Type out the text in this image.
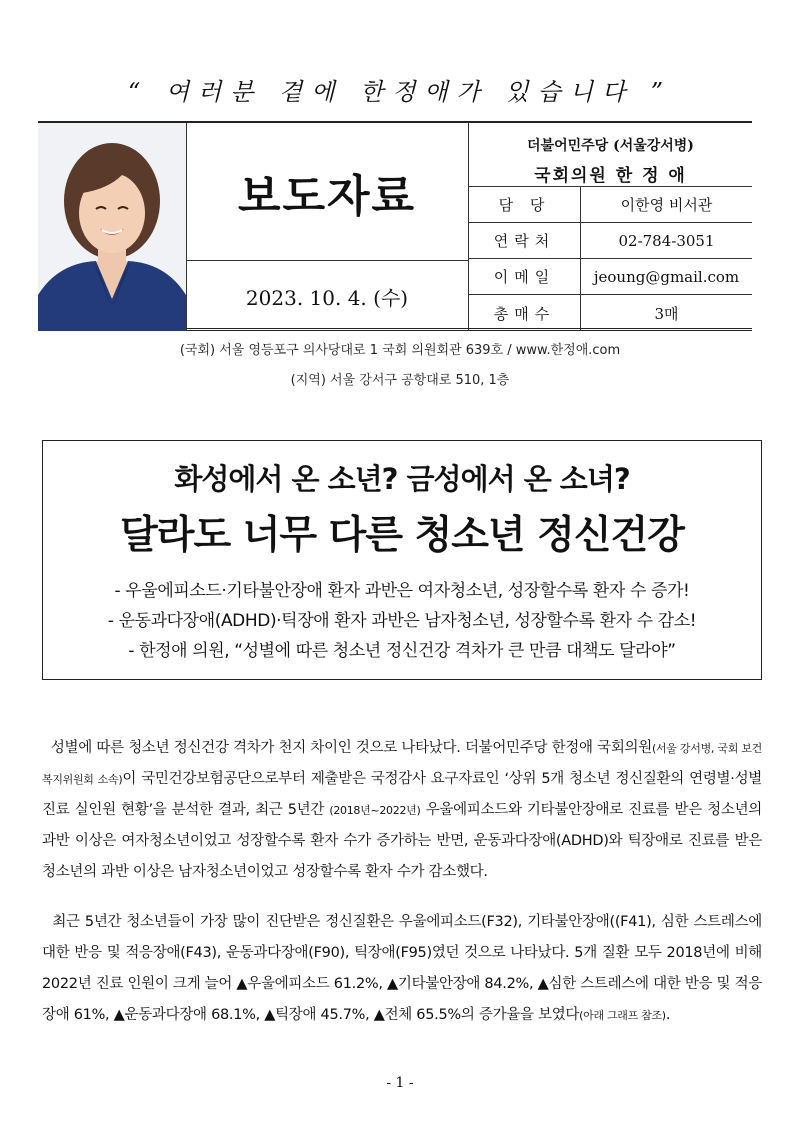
“ 여러분 곁에 한정애가 있습니다 ”
보도자료
2023. 10. 4. (수)
더불어민주당 (서울강서병)
국회의원 한 정 애
담 당	이한영 비서관
연락처	02-784-3051
이메일	jeoung@gmail.com
총매수	3매
(국회) 서울 영등포구 의사당대로 1 국회 의원회관 639호 / www.한정애.com
(지역) 서울 강서구 공항대로 510, 1층
화성에서 온 소년? 금성에서 온 소녀?
달라도 너무 다른 청소년 정신건강
- 우울에피소드·기타불안장애 환자 과반은 여자청소년, 성장할수록 환자 수 증가!
- 운동과다장애(ADHD)·틱장애 환자 과반은 남자청소년, 성장할수록 환자 수 감소!
- 한정애 의원, “성별에 따른 청소년 정신건강 격차가 큰 만큼 대책도 달라야”
성별에 따른 청소년 정신건강 격차가 천지 차이인 것으로 나타났다. 더불어민주당 한정애 국회의원(서울 강서병, 국회 보건복지위원회 소속)이 국민건강보험공단으로부터 제출받은 국정감사 요구자료인 ‘상위 5개 청소년 정신질환의 연령별·성별 진료 실인원 현황’을 분석한 결과, 최근 5년간 (2018년~2022년) 우울에피소드와 기타불안장애로 진료를 받은 청소년의 과반 이상은 여자청소년이었고 성장할수록 환자 수가 증가하는 반면, 운동과다장애(ADHD)와 틱장애로 진료를 받은 청소년의 과반 이상은 남자청소년이었고 성장할수록 환자 수가 감소했다.
최근 5년간 청소년들이 가장 많이 진단받은 정신질환은 우울에피소드(F32), 기타불안장애((F41), 심한 스트레스에 대한 반응 및 적응장애(F43), 운동과다장애(F90), 틱장애(F95)였던 것으로 나타났다. 5개 질환 모두 2018년에 비해 2022년 진료 인원이 크게 늘어 ▲우울에피소드 61.2%, ▲기타불안장애 84.2%, ▲심한 스트레스에 대한 반응 및 적응장애 61%, ▲운동과다장애 68.1%, ▲틱장애 45.7%, ▲전체 65.5%의 증가율을 보였다(아래 그래프 참조).
- 1 -
